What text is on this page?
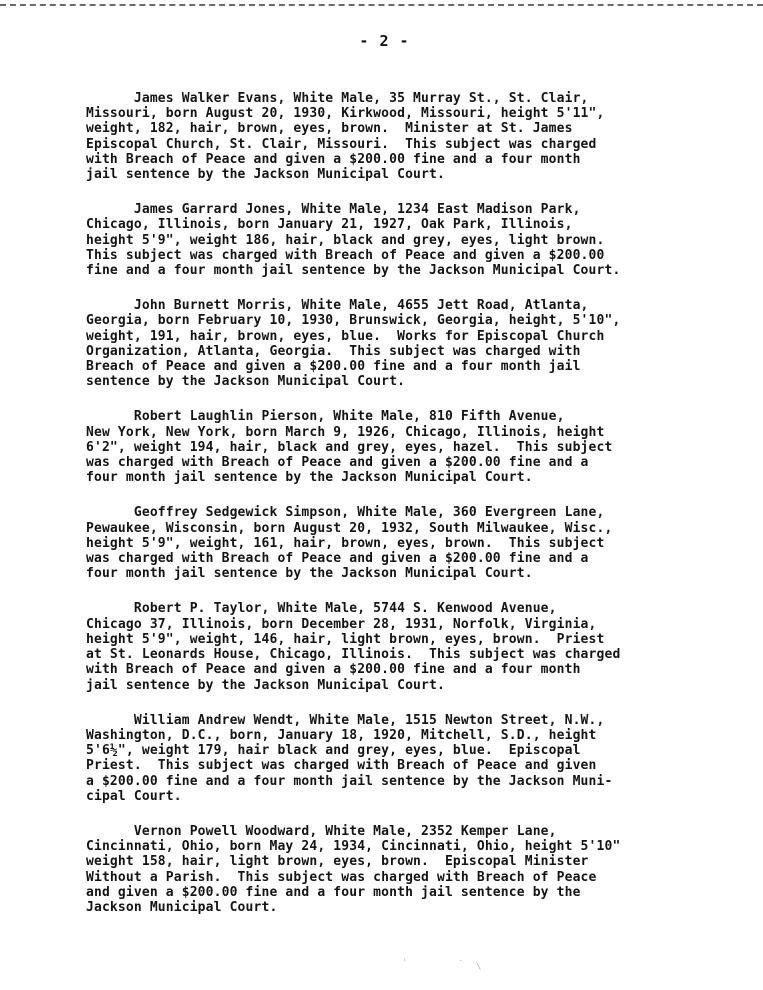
- 2 -
James Walker Evans, White Male, 35 Murray St., St. Clair,
Missouri, born August 20, 1930, Kirkwood, Missouri, height 5'11",
weight, 182, hair, brown, eyes, brown.  Minister at St. James
Episcopal Church, St. Clair, Missouri.  This subject was charged
with Breach of Peace and given a $200.00 fine and a four month
jail sentence by the Jackson Municipal Court.
James Garrard Jones, White Male, 1234 East Madison Park,
Chicago, Illinois, born January 21, 1927, Oak Park, Illinois,
height 5'9", weight 186, hair, black and grey, eyes, light brown.
This subject was charged with Breach of Peace and given a $200.00
fine and a four month jail sentence by the Jackson Municipal Court.
John Burnett Morris, White Male, 4655 Jett Road, Atlanta,
Georgia, born February 10, 1930, Brunswick, Georgia, height, 5'10",
weight, 191, hair, brown, eyes, blue.  Works for Episcopal Church
Organization, Atlanta, Georgia.  This subject was charged with
Breach of Peace and given a $200.00 fine and a four month jail
sentence by the Jackson Municipal Court.
Robert Laughlin Pierson, White Male, 810 Fifth Avenue,
New York, New York, born March 9, 1926, Chicago, Illinois, height
6'2", weight 194, hair, black and grey, eyes, hazel.  This subject
was charged with Breach of Peace and given a $200.00 fine and a
four month jail sentence by the Jackson Municipal Court.
Geoffrey Sedgewick Simpson, White Male, 360 Evergreen Lane,
Pewaukee, Wisconsin, born August 20, 1932, South Milwaukee, Wisc.,
height 5'9", weight, 161, hair, brown, eyes, brown.  This subject
was charged with Breach of Peace and given a $200.00 fine and a
four month jail sentence by the Jackson Municipal Court.
Robert P. Taylor, White Male, 5744 S. Kenwood Avenue,
Chicago 37, Illinois, born December 28, 1931, Norfolk, Virginia,
height 5'9", weight, 146, hair, light brown, eyes, brown.  Priest
at St. Leonards House, Chicago, Illinois.  This subject was charged
with Breach of Peace and given a $200.00 fine and a four month
jail sentence by the Jackson Municipal Court.
William Andrew Wendt, White Male, 1515 Newton Street, N.W.,
Washington, D.C., born, January 18, 1920, Mitchell, S.D., height
5'6½", weight 179, hair black and grey, eyes, blue.  Episcopal
Priest.  This subject was charged with Breach of Peace and given
a $200.00 fine and a four month jail sentence by the Jackson Muni-
cipal Court.
Vernon Powell Woodward, White Male, 2352 Kemper Lane,
Cincinnati, Ohio, born May 24, 1934, Cincinnati, Ohio, height 5'10"
weight 158, hair, light brown, eyes, brown.  Episcopal Minister
Without a Parish.  This subject was charged with Breach of Peace
and given a $200.00 fine and a four month jail sentence by the
Jackson Municipal Court.
'	˙ \
